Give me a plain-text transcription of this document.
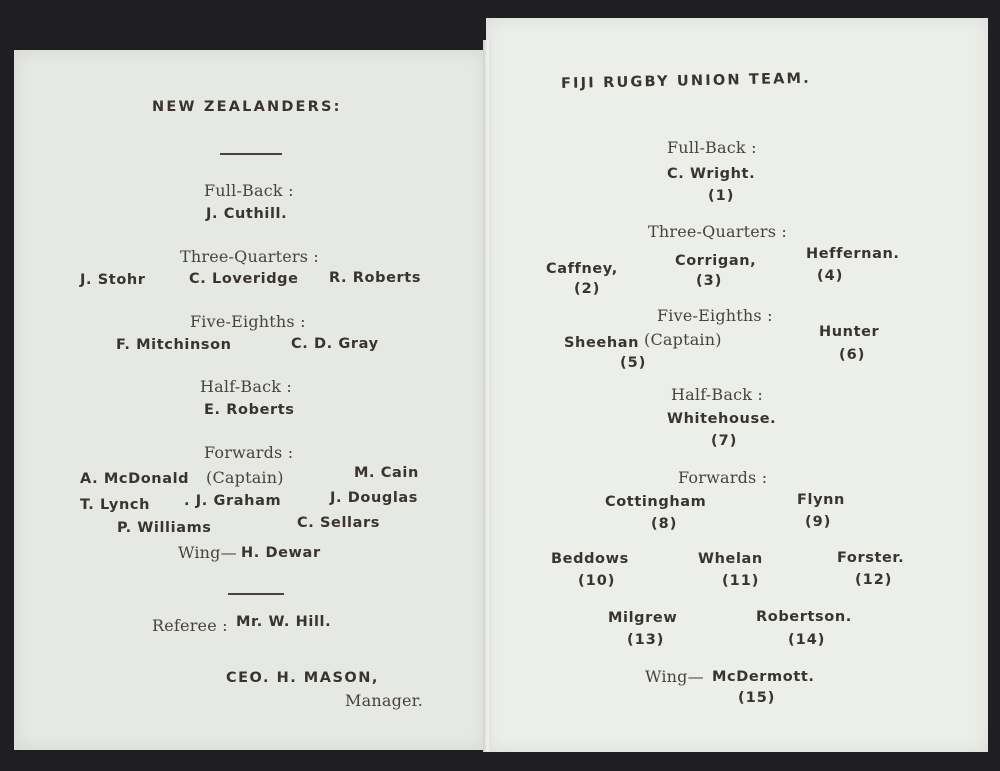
NEW ZEALANDERS:
Full-Back :
J. Cuthill.
Three-Quarters :
J. Stohr	C. Loveridge R. Roberts
Five-Eighths :
F. Mitchinson	C. D. Gray
Half-Back :
E. Roberts
Forwards :
A. McDonald (Captain)	M. Cain
T. Lynch . J. Graham	J. Douglas
P. Williams	C. Sellars
Wing— H. Dewar
Referee : Mr. W. Hill.
CEO. H. MASON,
Manager.
FIJI RUGBY UNION TEAM.
Full-Back :
C. Wright.
(1)
Three-Quarters :
Caffney,
(2)
Corrigan,
(3)
Heffernan.
(4)
Five-Eighths :
Sheehan (Captain)
(5)
Hunter
(6)
Half-Back :
Whitehouse.
(7)
Forwards :
Cottingham
(8)
Flynn
(9)
Beddows
(10)
Whelan
(11)
Forster.
(12)
Milgrew
(13)
Robertson.
(14)
Wing— McDermott.
(15)
